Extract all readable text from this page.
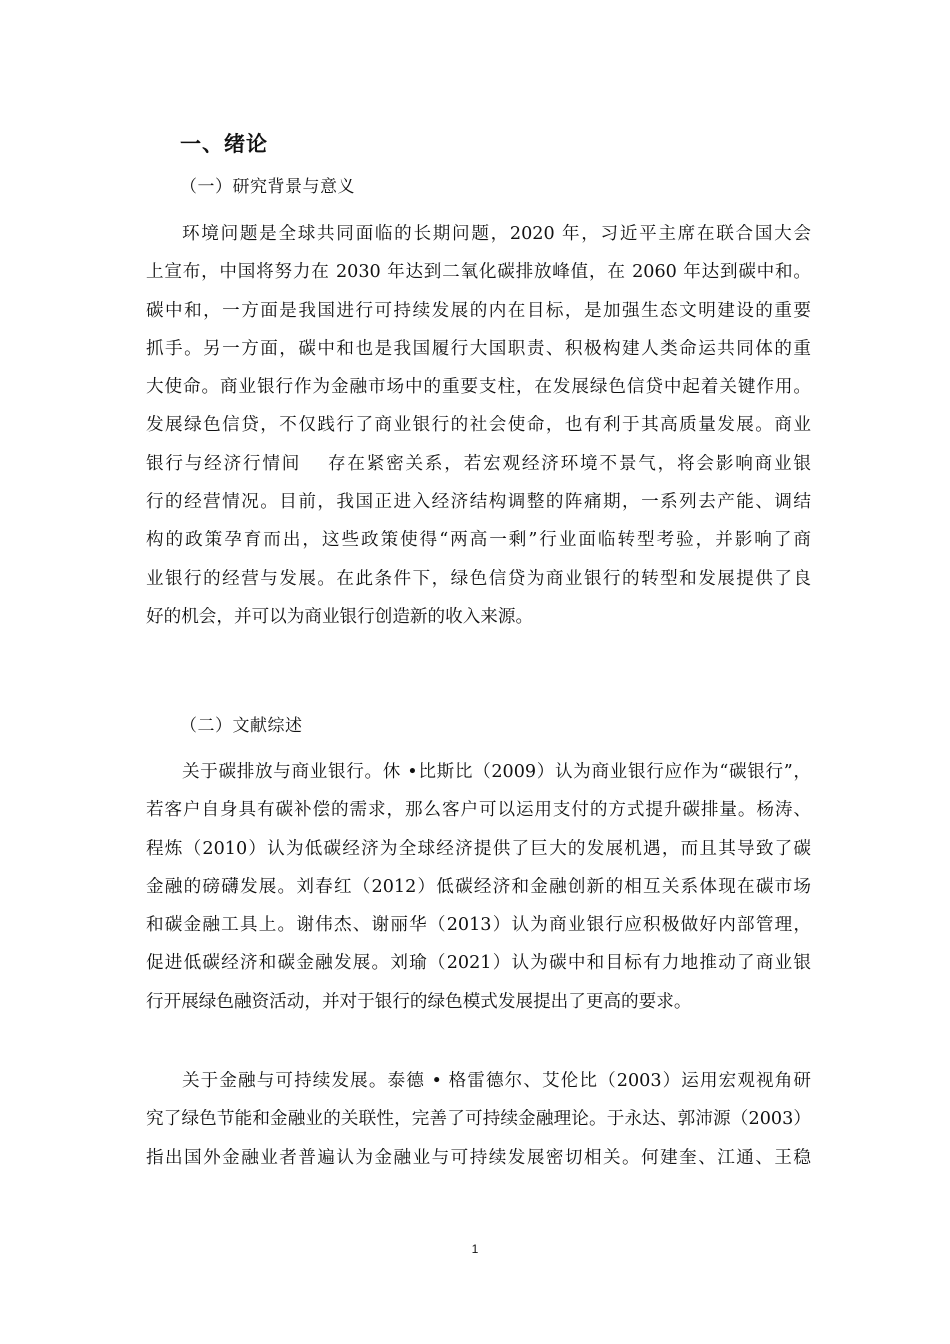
一、绪论
（一）研究背景与意义
环境问题是全球共同面临的长期问题，2020 年，习近平主席在联合国大会
上宣布，中国将努力在 2030 年达到二氧化碳排放峰值，在 2060 年达到碳中和。
碳中和，一方面是我国进行可持续发展的内在目标，是加强生态文明建设的重要
抓手。另一方面，碳中和也是我国履行大国职责、积极构建人类命运共同体的重
大使命。商业银行作为金融市场中的重要支柱，在发展绿色信贷中起着关键作用。
发展绿色信贷，不仅践行了商业银行的社会使命，也有利于其高质量发展。商业
银行与经济行情间　 存在紧密关系，若宏观经济环境不景气，将会影响商业银
行的经营情况。目前，我国正进入经济结构调整的阵痛期，一系列去产能、调结
构的政策孕育而出，这些政策使得“两高一剩”行业面临转型考验，并影响了商
业银行的经营与发展。在此条件下，绿色信贷为商业银行的转型和发展提供了良
好的机会，并可以为商业银行创造新的收入来源。
（二）文献综述
关于碳排放与商业银行。休 •比斯比（2009）认为商业银行应作为“碳银行”，
若客户自身具有碳补偿的需求，那么客户可以运用支付的方式提升碳排量。杨涛、
程炼（2010）认为低碳经济为全球经济提供了巨大的发展机遇，而且其导致了碳
金融的磅礴发展。刘春红（2012）低碳经济和金融创新的相互关系体现在碳市场
和碳金融工具上。谢伟杰、谢丽华（2013）认为商业银行应积极做好内部管理，
促进低碳经济和碳金融发展。刘瑜（2021）认为碳中和目标有力地推动了商业银
行开展绿色融资活动，并对于银行的绿色模式发展提出了更高的要求。
关于金融与可持续发展。泰德 • 格雷德尔、艾伦比（2003）运用宏观视角研
究了绿色节能和金融业的关联性，完善了可持续金融理论。于永达、郭沛源（2003）
指出国外金融业者普遍认为金融业与可持续发展密切相关。何建奎、江通、王稳
1
